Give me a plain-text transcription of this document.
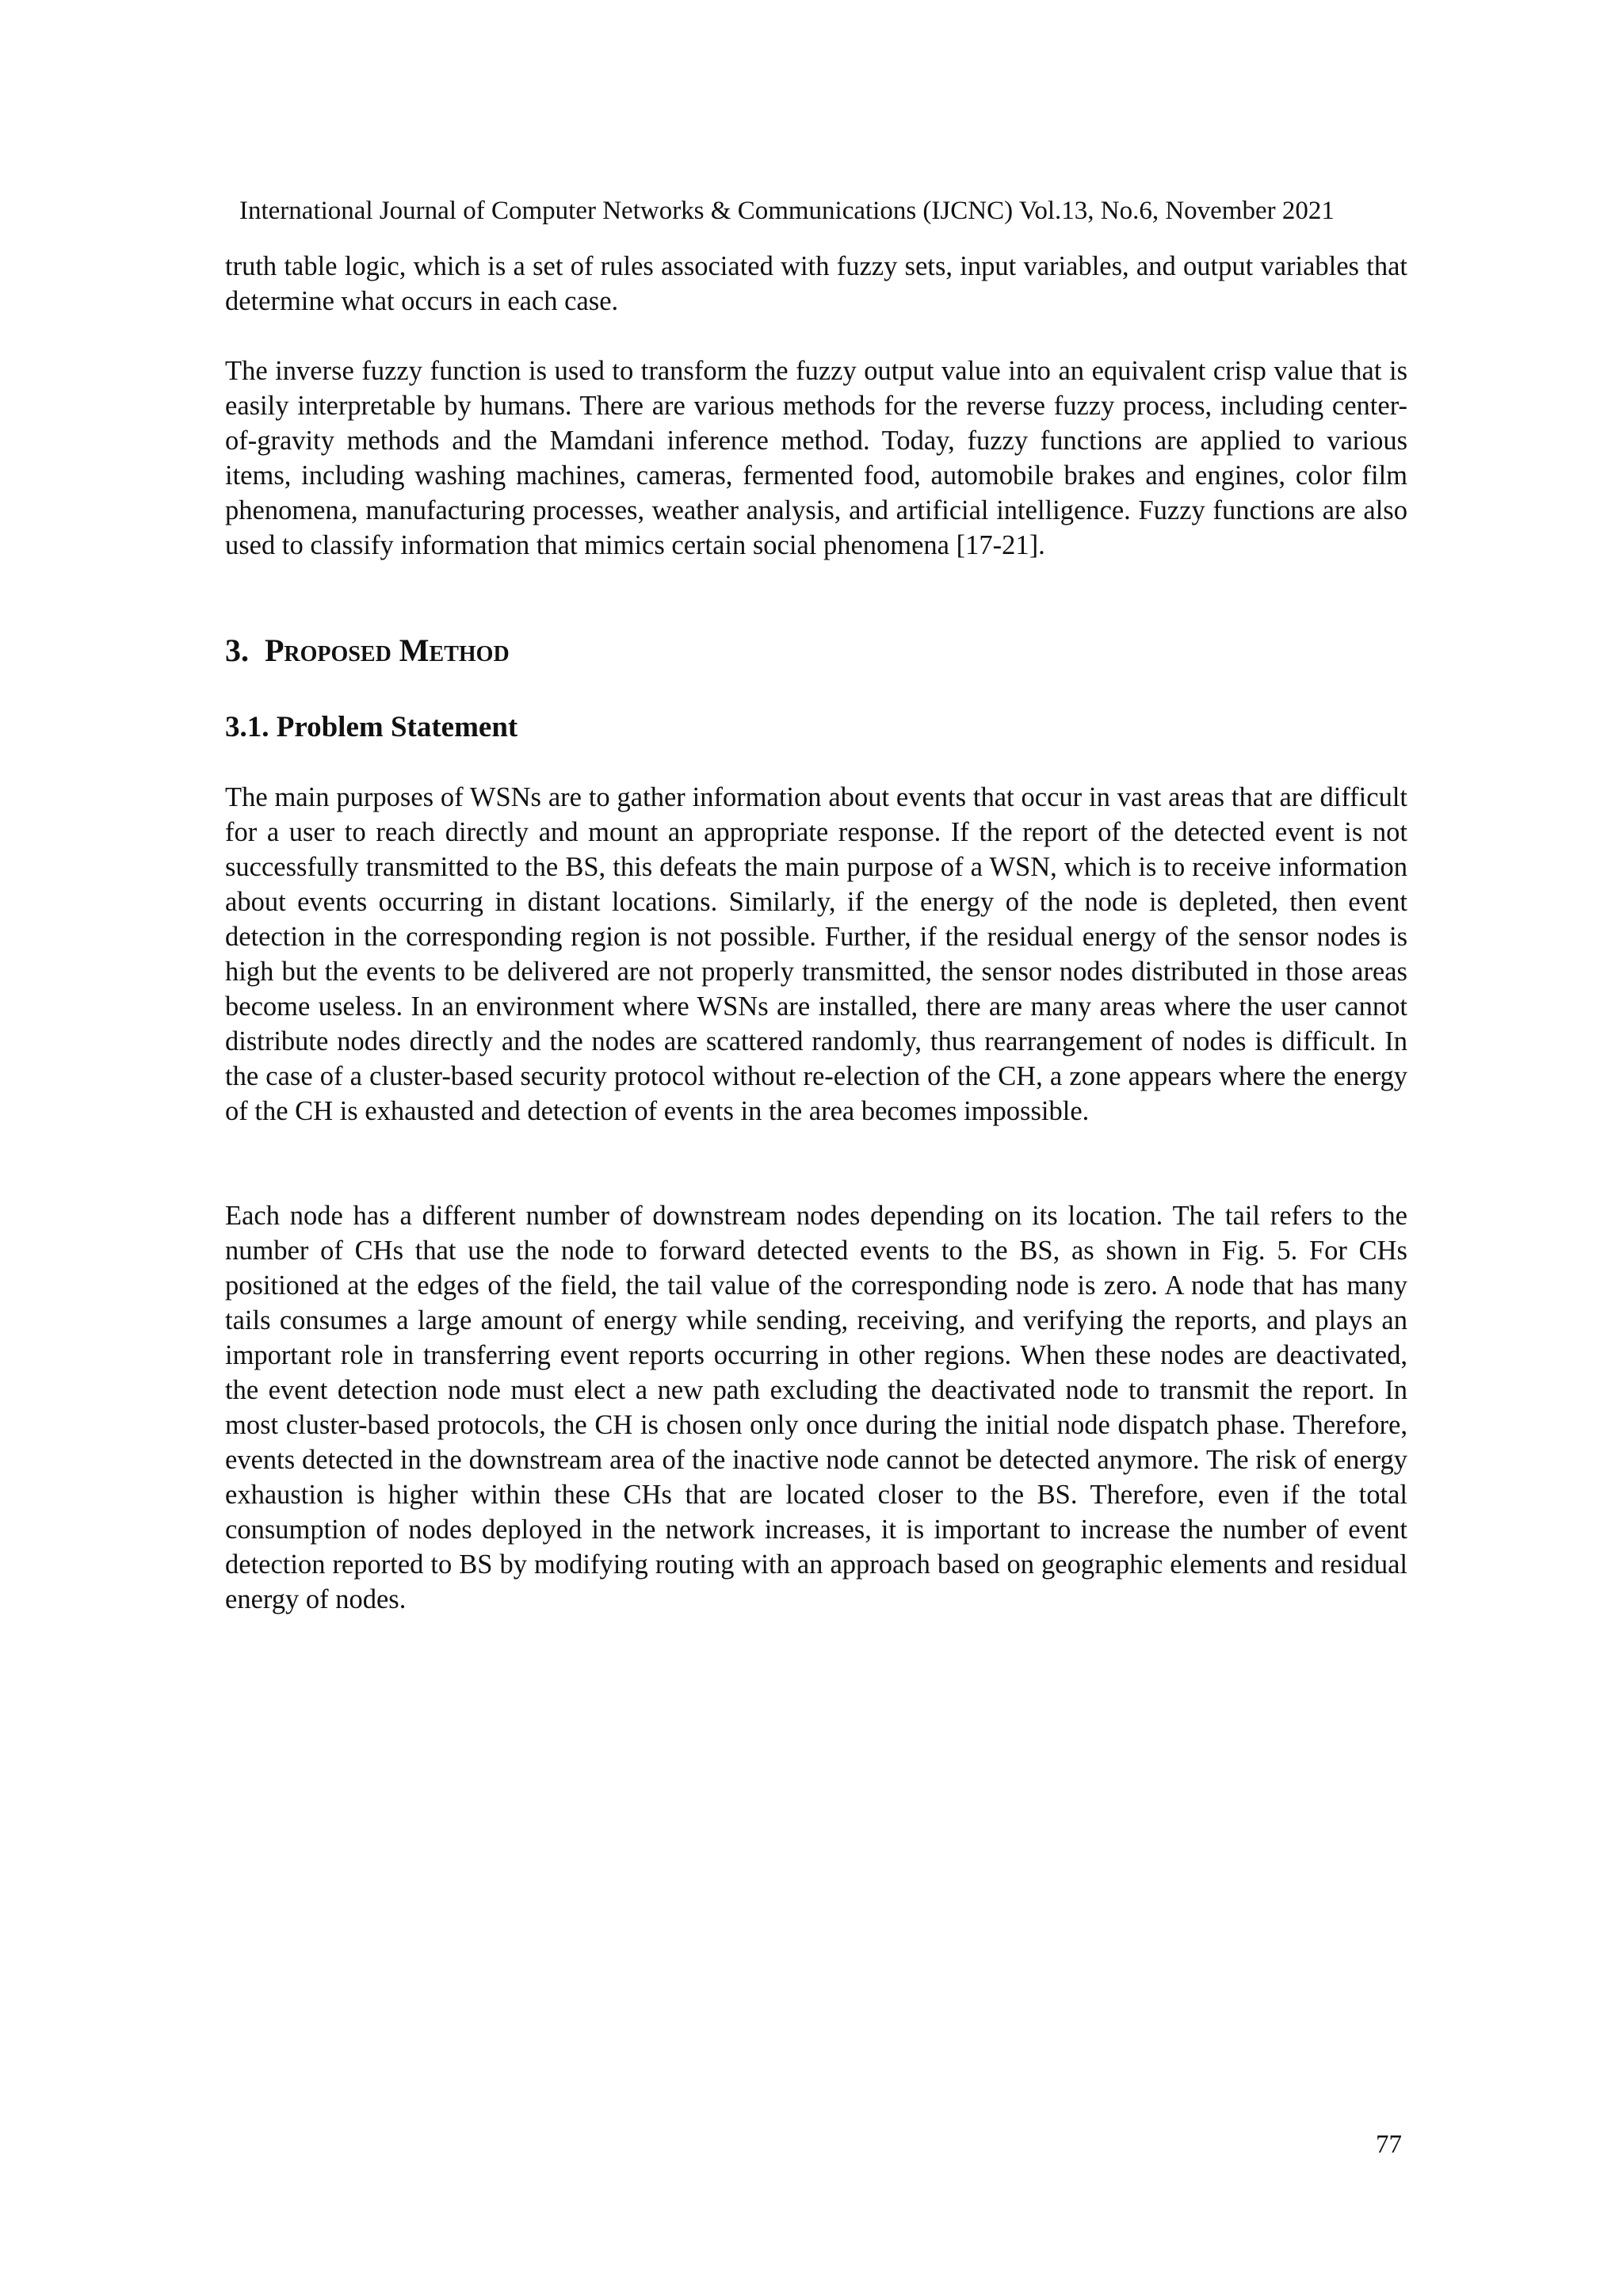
International Journal of Computer Networks & Communications (IJCNC) Vol.13, No.6, November 2021

truth table logic, which is a set of rules associated with fuzzy sets, input variables, and output variables that determine what occurs in each case.

The inverse fuzzy function is used to transform the fuzzy output value into an equivalent crisp value that is easily interpretable by humans. There are various methods for the reverse fuzzy process, including center-of-gravity methods and the Mamdani inference method. Today, fuzzy functions are applied to various items, including washing machines, cameras, fermented food, automobile brakes and engines, color film phenomena, manufacturing processes, weather analysis, and artificial intelligence. Fuzzy functions are also used to classify information that mimics certain social phenomena [17-21].

3. Proposed Method
3.1. Problem Statement

The main purposes of WSNs are to gather information about events that occur in vast areas that are difficult for a user to reach directly and mount an appropriate response. If the report of the detected event is not successfully transmitted to the BS, this defeats the main purpose of a WSN, which is to receive information about events occurring in distant locations. Similarly, if the energy of the node is depleted, then event detection in the corresponding region is not possible. Further, if the residual energy of the sensor nodes is high but the events to be delivered are not properly transmitted, the sensor nodes distributed in those areas become useless. In an environment where WSNs are installed, there are many areas where the user cannot distribute nodes directly and the nodes are scattered randomly, thus rearrangement of nodes is difficult. In the case of a cluster-based security protocol without re-election of the CH, a zone appears where the energy of the CH is exhausted and detection of events in the area becomes impossible.

Each node has a different number of downstream nodes depending on its location. The tail refers to the number of CHs that use the node to forward detected events to the BS, as shown in Fig. 5. For CHs positioned at the edges of the field, the tail value of the corresponding node is zero. A node that has many tails consumes a large amount of energy while sending, receiving, and verifying the reports, and plays an important role in transferring event reports occurring in other regions. When these nodes are deactivated, the event detection node must elect a new path excluding the deactivated node to transmit the report. In most cluster-based protocols, the CH is chosen only once during the initial node dispatch phase. Therefore, events detected in the downstream area of the inactive node cannot be detected anymore. The risk of energy exhaustion is higher within these CHs that are located closer to the BS. Therefore, even if the total consumption of nodes deployed in the network increases, it is important to increase the number of event detection reported to BS by modifying routing with an approach based on geographic elements and residual energy of nodes.

77
